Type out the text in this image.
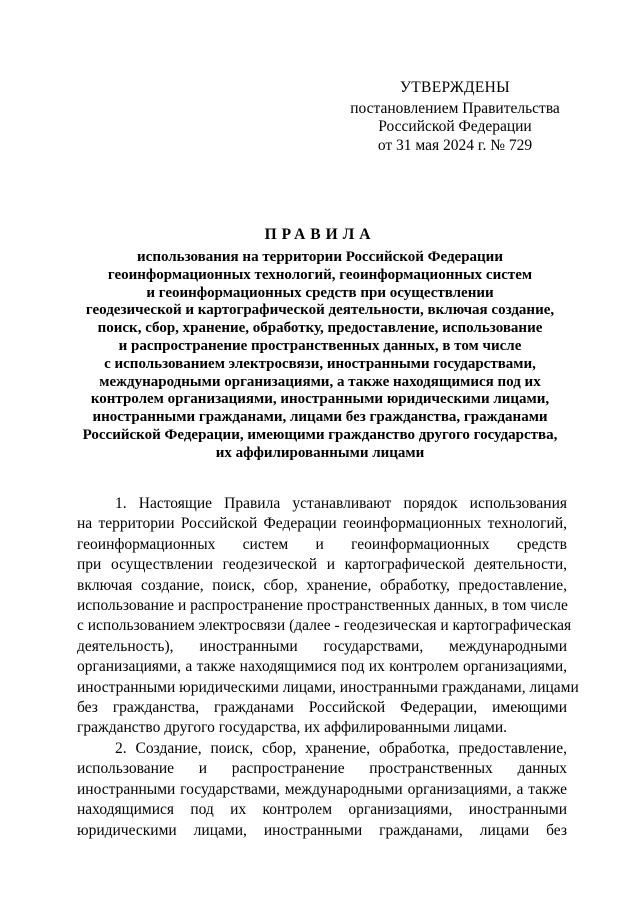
УТВЕРЖДЕНЫ
постановлением Правительства
Российской Федерации
от 31 мая 2024 г. № 729
ПРАВИЛА
использования на территории Российской Федерации
геоинформационных технологий, геоинформационных систем
и геоинформационных средств при осуществлении
геодезической и картографической деятельности, включая создание,
поиск, сбор, хранение, обработку, предоставление, использование
и распространение пространственных данных, в том числе
с использованием электросвязи, иностранными государствами,
международными организациями, а также находящимися под их
контролем организациями, иностранными юридическими лицами,
иностранными гражданами, лицами без гражданства, гражданами
Российской Федерации, имеющими гражданство другого государства,
их аффилированными лицами
1. Настоящие Правила устанавливают порядок использования
на территории Российской Федерации геоинформационных технологий,
геоинформационных систем и геоинформационных средств
при осуществлении геодезической и картографической деятельности,
включая создание, поиск, сбор, хранение, обработку, предоставление,
использование и распространение пространственных данных, в том числе
с использованием электросвязи (далее - геодезическая и картографическая
деятельность), иностранными государствами, международными
организациями, а также находящимися под их контролем организациями,
иностранными юридическими лицами, иностранными гражданами, лицами
без гражданства, гражданами Российской Федерации, имеющими
гражданство другого государства, их аффилированными лицами.
2. Создание, поиск, сбор, хранение, обработка, предоставление,
использование и распространение пространственных данных
иностранными государствами, международными организациями, а также
находящимися под их контролем организациями, иностранными
юридическими лицами, иностранными гражданами, лицами без
